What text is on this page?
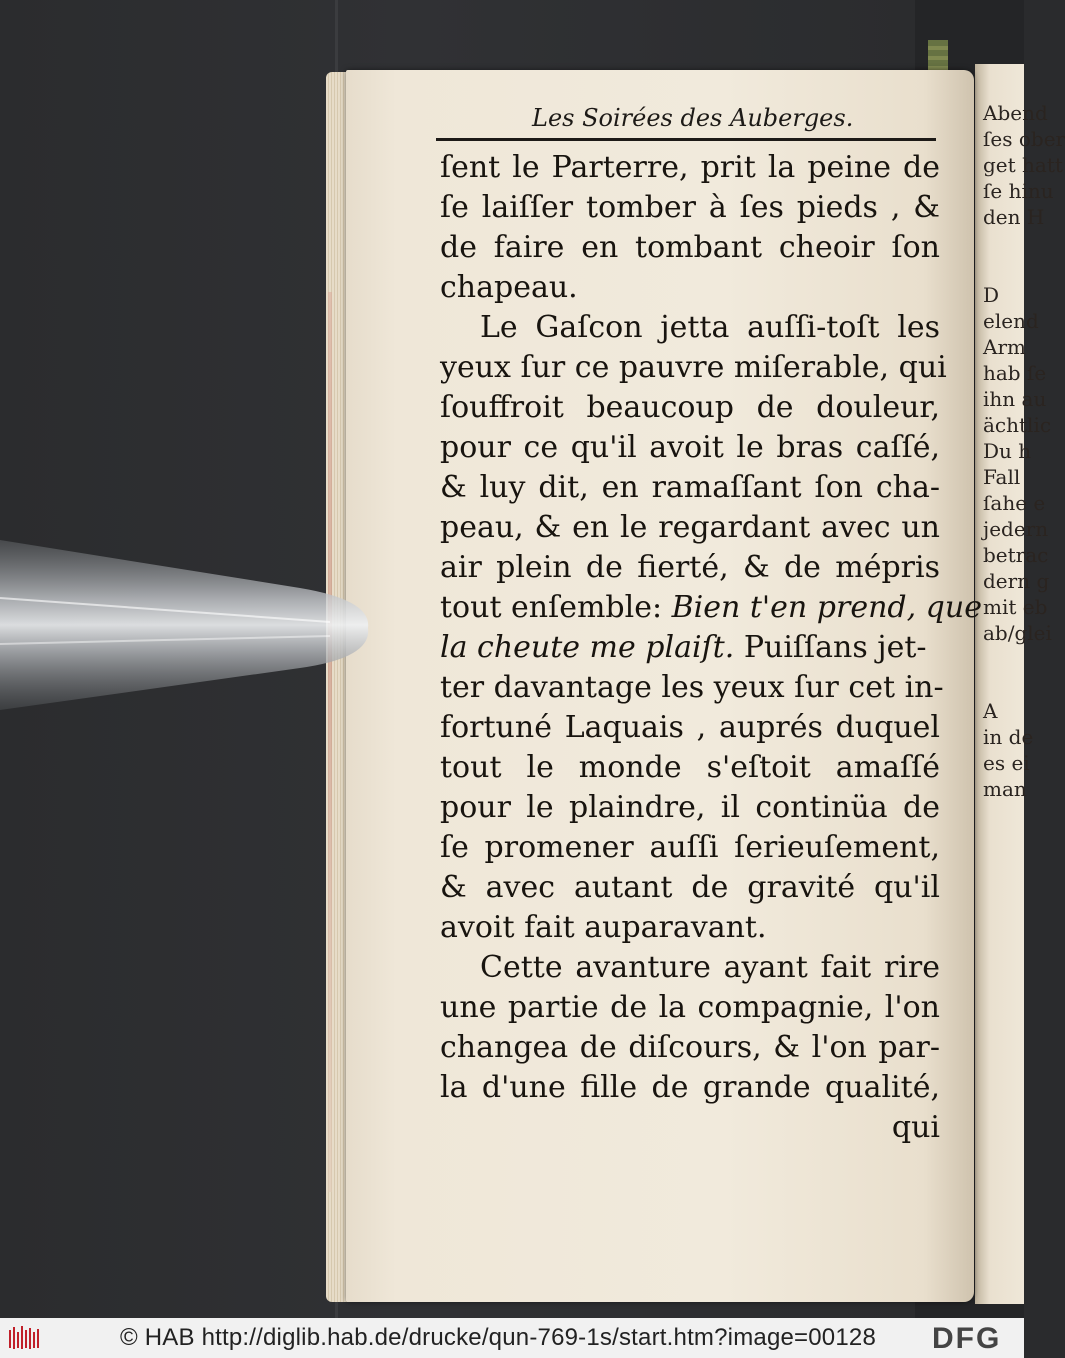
Abend
ſes ober
get hatt
ſe hinu
den H
D
elend
Arm
hab ſe
ihn au
ächtlic
Du h
Fall
ſahe e
jedern
betrac
dern g
mit eb
ab/glei
A
in de
es ei
man
Les Soirées des Auberges.
ſent le Parterre, prit la peine de
ſe laiſſer tomber à ſes pieds , &
de faire en tombant cheoir ſon
chapeau.
Le Gaſcon jetta auſſi-toſt les
yeux ſur ce pauvre miſerable, qui
ſouffroit beaucoup de douleur,
pour ce qu'il avoit le bras caſſé,
& luy dit, en ramaſſant ſon cha-
peau, & en le regardant avec un
air plein de fierté, & de mépris
tout enſemble: Bien t'en prend, que
la cheute me plaiſt. Puiſſans jet-
ter davantage les yeux ſur cet in-
fortuné Laquais , auprés duquel
tout le monde s'eſtoit amaſſé
pour le plaindre, il continüa de
ſe promener auſſi ſerieuſement,
& avec autant de gravité qu'il
avoit fait auparavant.
Cette avanture ayant fait rire
une partie de la compagnie, l'on
changea de diſcours, & l'on par-
la d'une fille de grande qualité,
qui
© HAB http://diglib.hab.de/drucke/qun-769-1s/start.htm?image=00128 DFG
